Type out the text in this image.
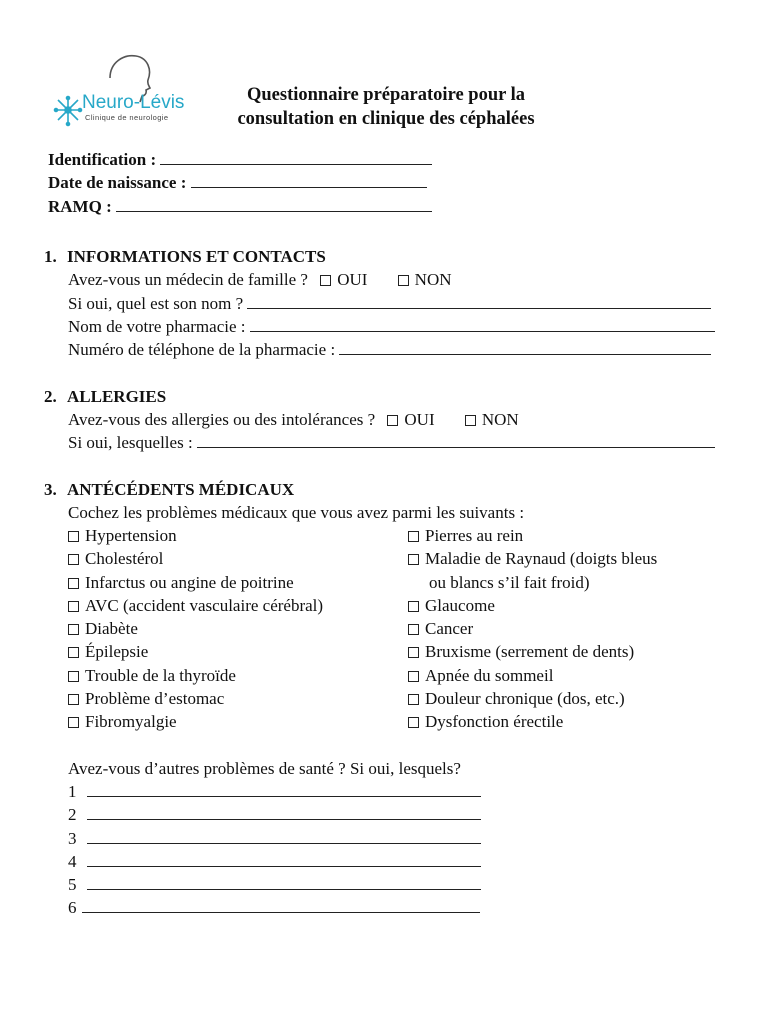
Neuro-Lévis
Clinique de neurologie
Questionnaire préparatoire pour la
consultation en clinique des céphalées
Identification :
Date de naissance :
RAMQ :
1. INFORMATIONS ET CONTACTS
Avez-vous un médecin de famille ? OUI	NON
Si oui, quel est son nom ?
Nom de votre pharmacie :
Numéro de téléphone de la pharmacie :
2. ALLERGIES
Avez-vous des allergies ou des intolérances ? OUI	NON
Si oui, lesquelles :
3. ANTÉCÉDENTS MÉDICAUX
Cochez les problèmes médicaux que vous avez parmi les suivants :
Hypertension
Cholestérol
Infarctus ou angine de poitrine
AVC (accident vasculaire cérébral)
Diabète
Épilepsie
Trouble de la thyroïde
Problème d’estomac
Fibromyalgie
Pierres au rein
Maladie de Raynaud (doigts bleus
ou blancs s’il fait froid)
Glaucome
Cancer
Bruxisme (serrement de dents)
Apnée du sommeil
Douleur chronique (dos, etc.)
Dysfonction érectile
Avez-vous d’autres problèmes de santé ? Si oui, lesquels?
1
2
3
4
5
6
